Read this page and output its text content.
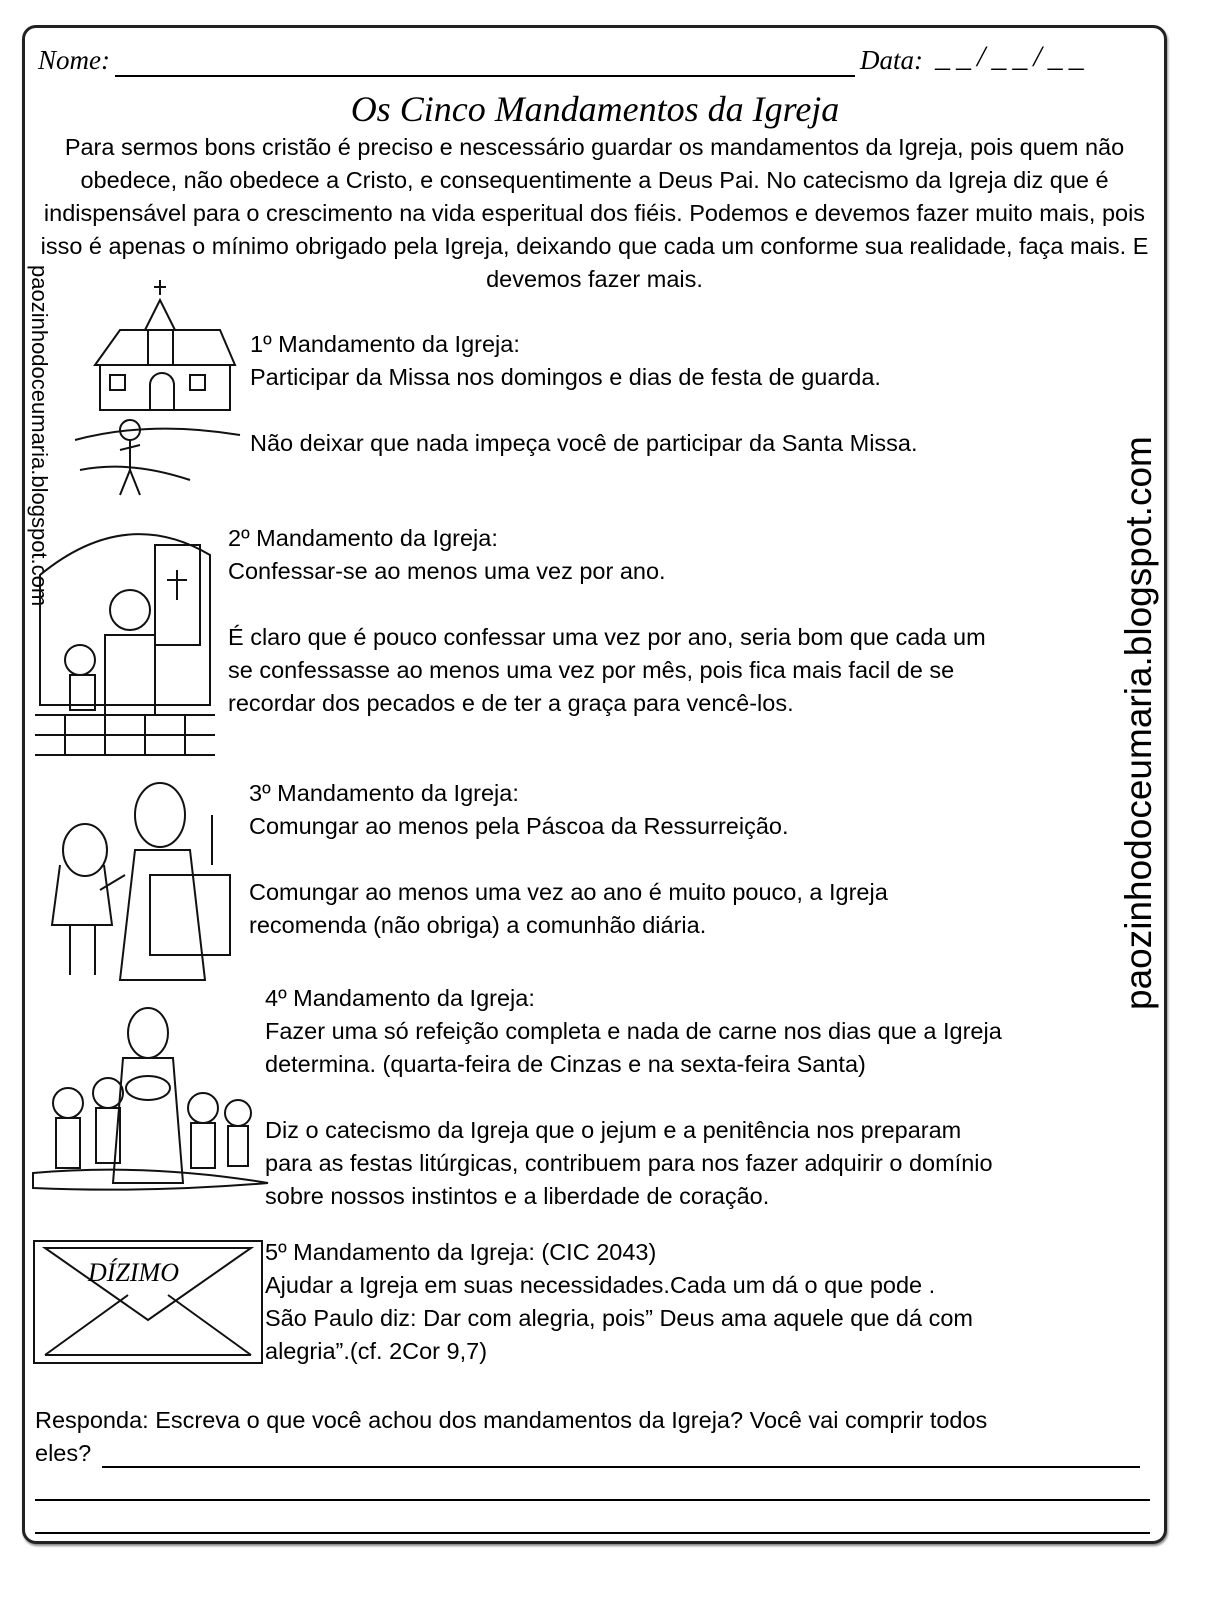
Nome:	Data: __/__/__
Os Cinco Mandamentos da Igreja
Para sermos bons cristão é preciso e nescessário guardar os mandamentos da Igreja, pois quem não obedece, não obedece a Cristo, e consequentimente a Deus Pai. No catecismo da Igreja diz que é indispensável para o crescimento na vida esperitual dos fiéis. Podemos e devemos fazer muito mais, pois isso é apenas o mínimo obrigado pela Igreja, deixando que cada um conforme sua realidade, faça mais. E devemos fazer mais.
paozinhodoceumaria.blogspot.com
paozinhodoceumaria.blogspot.com
1º Mandamento da Igreja:
Participar da Missa nos domingos e dias de festa de guarda.
Não deixar que nada impeça você de participar da Santa Missa.
2º Mandamento da Igreja:
Confessar-se ao menos uma vez por ano.
É claro que é pouco confessar uma vez por ano, seria bom que cada um
se confessasse ao menos uma vez por mês, pois fica mais facil de se
recordar dos pecados e de ter a graça para vencê-los.
3º Mandamento da Igreja:
Comungar ao menos pela Páscoa da Ressurreição.
Comungar ao menos uma vez ao ano é muito pouco, a Igreja
recomenda (não obriga) a comunhão diária.
4º Mandamento da Igreja:
Fazer uma só refeição completa e nada de carne nos dias que a Igreja
determina. (quarta-feira de Cinzas e na sexta-feira Santa)
Diz o catecismo da Igreja que o jejum e a penitência nos preparam
para as festas litúrgicas, contribuem para nos fazer adquirir o domínio
sobre nossos instintos e a liberdade de coração.
5º Mandamento da Igreja: (CIC 2043)
Ajudar a Igreja em suas necessidades.Cada um dá o que pode .
São Paulo diz: Dar com alegria, pois” Deus ama aquele que dá com
alegria”.(cf. 2Cor 9,7)
DÍZIMO
Responda: Escreva o que você achou dos mandamentos da Igreja? Você vai comprir todos
eles?
